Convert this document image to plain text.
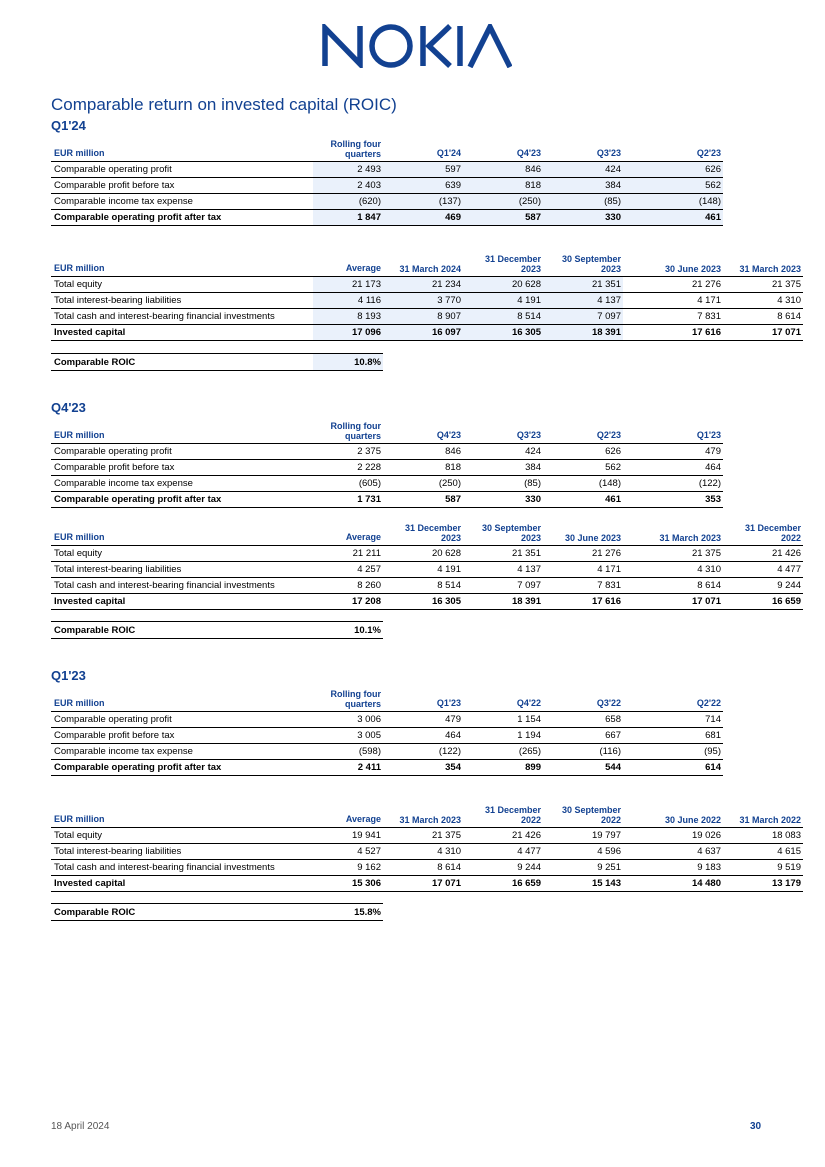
Comparable return on invested capital (ROIC)
Q1'24
EUR million	Rolling four quarters	Q1'24	Q4'23	Q3'23	Q2'23
Comparable operating profit	2 493	597	846	424	626
Comparable profit before tax	2 403	639	818	384	562
Comparable income tax expense	(620)	(137)	(250)	(85)	(148)
Comparable operating profit after tax	1 847	469	587	330	461
EUR million	Average	31 March 2024	31 December 2023	30 September 2023	30 June 2023	31 March 2023
Total equity	21 173	21 234	20 628	21 351	21 276	21 375
Total interest-bearing liabilities	4 116	3 770	4 191	4 137	4 171	4 310
Total cash and interest-bearing financial investments	8 193	8 907	8 514	7 097	7 831	8 614
Invested capital	17 096	16 097	16 305	18 391	17 616	17 071
Comparable ROIC	10.8%
Q4'23
EUR million	Rolling four quarters	Q4'23	Q3'23	Q2'23	Q1'23
Comparable operating profit	2 375	846	424	626	479
Comparable profit before tax	2 228	818	384	562	464
Comparable income tax expense	(605)	(250)	(85)	(148)	(122)
Comparable operating profit after tax	1 731	587	330	461	353
EUR million	Average	31 December 2023	30 September 2023	30 June 2023	31 March 2023	31 December 2022
Total equity	21 211	20 628	21 351	21 276	21 375	21 426
Total interest-bearing liabilities	4 257	4 191	4 137	4 171	4 310	4 477
Total cash and interest-bearing financial investments	8 260	8 514	7 097	7 831	8 614	9 244
Invested capital	17 208	16 305	18 391	17 616	17 071	16 659
Comparable ROIC	10.1%
Q1'23
EUR million	Rolling four quarters	Q1'23	Q4'22	Q3'22	Q2'22
Comparable operating profit	3 006	479	1 154	658	714
Comparable profit before tax	3 005	464	1 194	667	681
Comparable income tax expense	(598)	(122)	(265)	(116)	(95)
Comparable operating profit after tax	2 411	354	899	544	614
EUR million	Average	31 March 2023	31 December 2022	30 September 2022	30 June 2022	31 March 2022
Total equity	19 941	21 375	21 426	19 797	19 026	18 083
Total interest-bearing liabilities	4 527	4 310	4 477	4 596	4 637	4 615
Total cash and interest-bearing financial investments	9 162	8 614	9 244	9 251	9 183	9 519
Invested capital	15 306	17 071	16 659	15 143	14 480	13 179
Comparable ROIC	15.8%
18 April 2024	30
